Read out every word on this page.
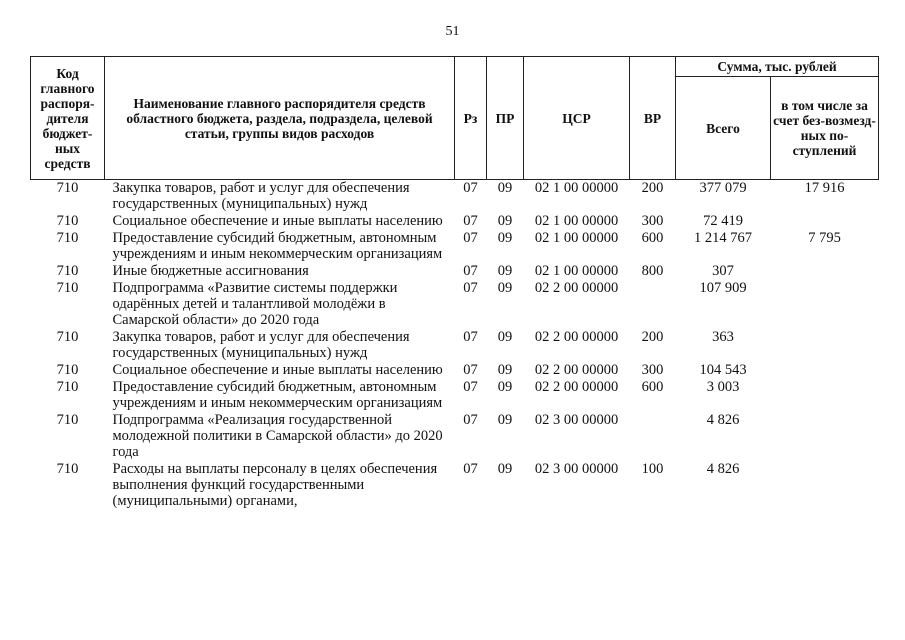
51
Код главного распоря-дителя бюджет-ных средств	Наименование главного распорядителя средств областного бюджета, раздела, подраздела, целевой статьи, группы видов расходов	Рз	ПР	ЦСР	ВР	Сумма, тыс. рублей	
						Всего	в том числе за счет без-возмезд-ных по-ступлений
710	Закупка товаров, работ и услуг для обеспечения государственных (муниципальных) нужд	07	09	02 1 00 00000	200	377 079	17 916
710	Социальное обеспечение и иные выплаты населению	07	09	02 1 00 00000	300	72 419	
710	Предоставление субсидий бюджетным, автономным учреждениям и иным некоммерческим организациям	07	09	02 1 00 00000	600	1 214 767	7 795
710	Иные бюджетные ассигнования	07	09	02 1 00 00000	800	307	
710	Подпрограмма «Развитие системы поддержки одарённых детей и талантливой молодёжи в Самарской области» до 2020 года	07	09	02 2 00 00000		107 909	
710	Закупка товаров, работ и услуг для обеспечения государственных (муниципальных) нужд	07	09	02 2 00 00000	200	363	
710	Социальное обеспечение и иные выплаты населению	07	09	02 2 00 00000	300	104 543	
710	Предоставление субсидий бюджетным, автономным учреждениям и иным некоммерческим организациям	07	09	02 2 00 00000	600	3 003	
710	Подпрограмма «Реализация государственной молодежной политики в Самарской области» до 2020 года	07	09	02 3 00 00000		4 826	
710	Расходы на выплаты персоналу в целях обеспечения выполнения функций государственными (муниципальными) органами,	07	09	02 3 00 00000	100	4 826	
